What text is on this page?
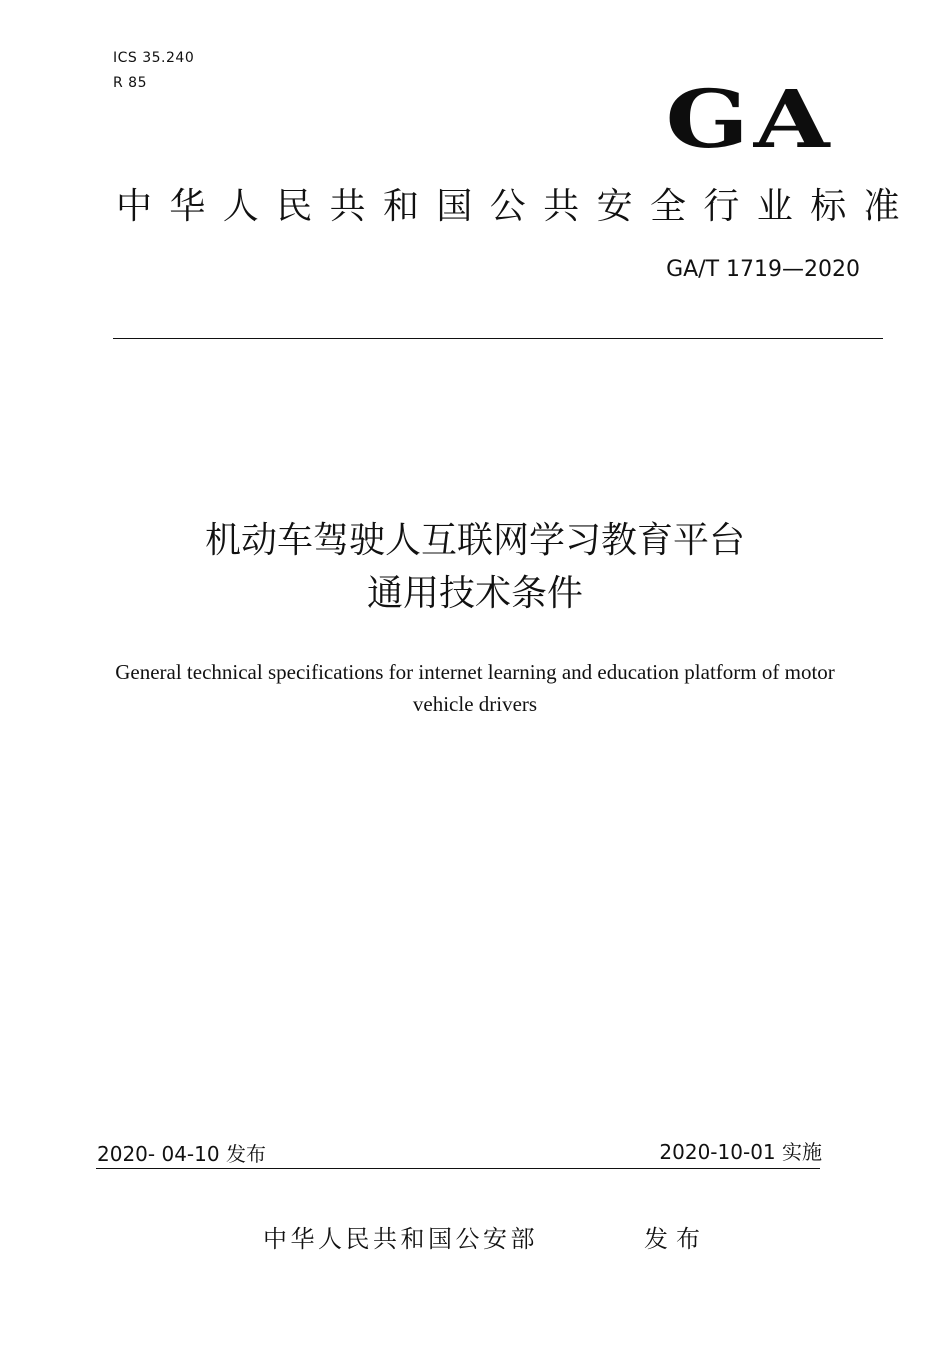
ICS 35.240
R 85	GA
中华人民共和国公共安全行业标准
GA/T 1719—2020
机动车驾驶人互联网学习教育平台
通用技术条件
General technical specifications for internet learning and education platform of motor
vehicle drivers
2020- 04-10 发布	2020-10-01 实施
中华人民共和国公安部	发布
